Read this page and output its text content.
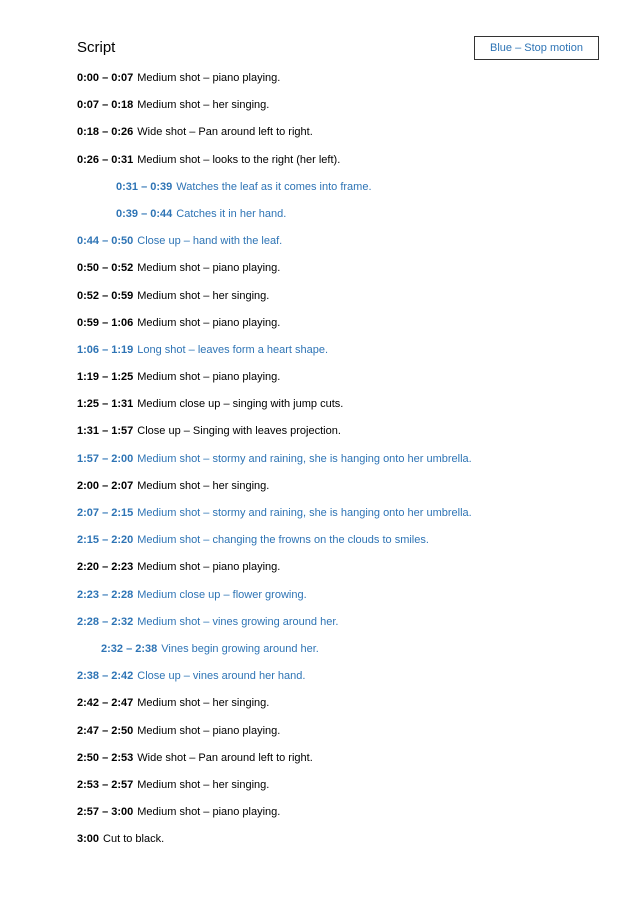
Script	Blue – Stop motion
0:00 – 0:07 Medium shot – piano playing.
0:07 – 0:18 Medium shot – her singing.
0:18 – 0:26 Wide shot – Pan around left to right.
0:26 – 0:31 Medium shot – looks to the right (her left).
0:31 – 0:39 Watches the leaf as it comes into frame.
0:39 – 0:44 Catches it in her hand.
0:44 – 0:50 Close up – hand with the leaf.
0:50 – 0:52 Medium shot – piano playing.
0:52 – 0:59 Medium shot – her singing.
0:59 – 1:06 Medium shot – piano playing.
1:06 – 1:19 Long shot – leaves form a heart shape.
1:19 – 1:25 Medium shot – piano playing.
1:25 – 1:31 Medium close up – singing with jump cuts.
1:31 – 1:57 Close up – Singing with leaves projection.
1:57 – 2:00 Medium shot – stormy and raining, she is hanging onto her umbrella.
2:00 – 2:07 Medium shot – her singing.
2:07 – 2:15 Medium shot – stormy and raining, she is hanging onto her umbrella.
2:15 – 2:20 Medium shot – changing the frowns on the clouds to smiles.
2:20 – 2:23 Medium shot – piano playing.
2:23 – 2:28 Medium close up – flower growing.
2:28 – 2:32 Medium shot – vines growing around her.
2:32 – 2:38 Vines begin growing around her.
2:38 – 2:42 Close up – vines around her hand.
2:42 – 2:47 Medium shot – her singing.
2:47 – 2:50 Medium shot – piano playing.
2:50 – 2:53 Wide shot – Pan around left to right.
2:53 – 2:57 Medium shot – her singing.
2:57 – 3:00 Medium shot – piano playing.
3:00 Cut to black.
